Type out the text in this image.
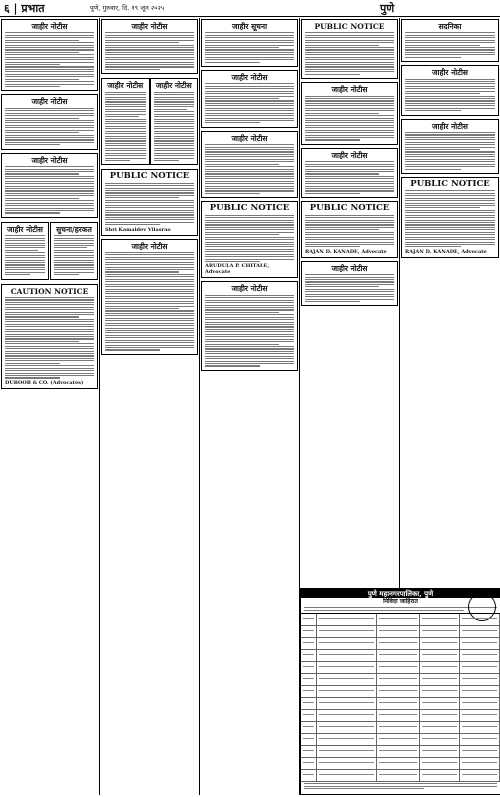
६ | प्रभात	पुणे, गुरुवार, दि. १९ जून २०२५	पुणे
जाहीर नोटीस
जाहीर नोटीस
जाहीर नोटीस
जाहीर नोटीस सुचना/हरकत
CAUTION NOTICE
DUBOOR & CO. (Advocates)
जाहीर नोटीस
जाहीर नोटीस	जाहीर नोटीस
PUBLIC NOTICE
Shri Kamaldev Vilasrao
जाहीर नोटीस
जाहीर सूचना
जाहीर नोटीस
जाहीर नोटीस
PUBLIC NOTICE
ARUDULA P. CHITALE, Advocate
जाहीर नोटीस
PUBLIC NOTICE
जाहीर नोटीस
जाहीर नोटीस
PUBLIC NOTICE
RAJAN D. KANADE, Advocate
जाहीर नोटीस
सदनिका
जाहीर नोटीस
जाहीर नोटीस
PUBLIC NOTICE
RAJAN D. KANADE, Advocate
पुणे महानगरपालिका, पुणे
निविदा जाहिरात
